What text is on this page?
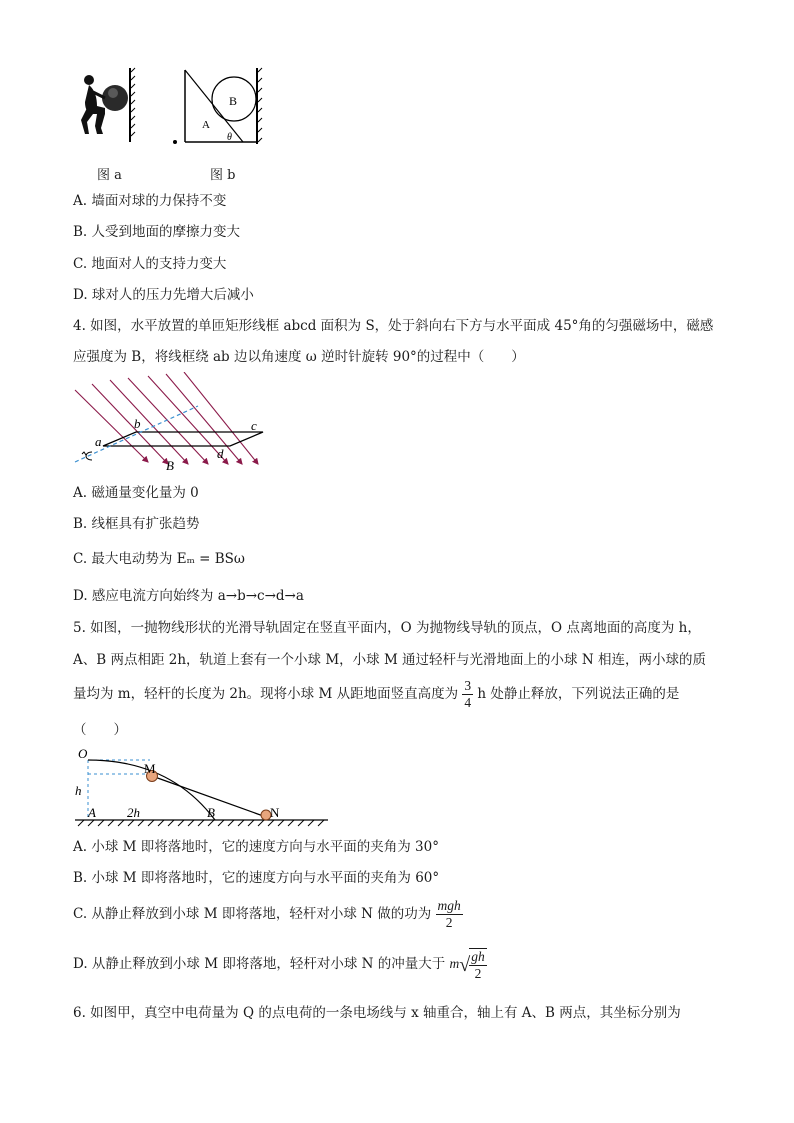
B
A
θ
图 a	图 b
A. 墙面对球的力保持不变
B. 人受到地面的摩擦力变大
C. 地面对人的支持力变大
D. 球对人的压力先增大后减小
4. 如图，水平放置的单匝矩形线框 abcd 面积为 S，处于斜向右下方与水平面成 45°角的匀强磁场中，磁感
应强度为 B，将线框绕 ab 边以角速度 ω 逆时针旋转 90°的过程中（　　）
a
b	c
d
B
A. 磁通量变化量为 0
B. 线框具有扩张趋势
C. 最大电动势为 Eₘ = BSω
D. 感应电流方向始终为 a→b→c→d→a
5. 如图，一抛物线形状的光滑导轨固定在竖直平面内，O 为抛物线导轨的顶点，O 点离地面的高度为 h，
A、B 两点相距 2h，轨道上套有一个小球 M，小球 M 通过轻杆与光滑地面上的小球 N 相连，两小球的质
量均为 m，轻杆的长度为 2h。现将小球 M 从距地面竖直高度为 $\frac{3}{4}$ h 处静止释放，下列说法正确的是
（　　）
O
M
h
A 2h	B	N
A. 小球 M 即将落地时，它的速度方向与水平面的夹角为 30°
B. 小球 M 即将落地时，它的速度方向与水平面的夹角为 60°
C. 从静止释放到小球 M 即将落地，轻杆对小球 N 做的功为 $\frac{\text{mgh}}{2}$
D. 从静止释放到小球 M 即将落地，轻杆对小球 N 的冲量大于 $m√ \frac{gh}{2}$
6. 如图甲，真空中电荷量为 Q 的点电荷的一条电场线与 x 轴重合，轴上有 A、B 两点，其坐标分别为
